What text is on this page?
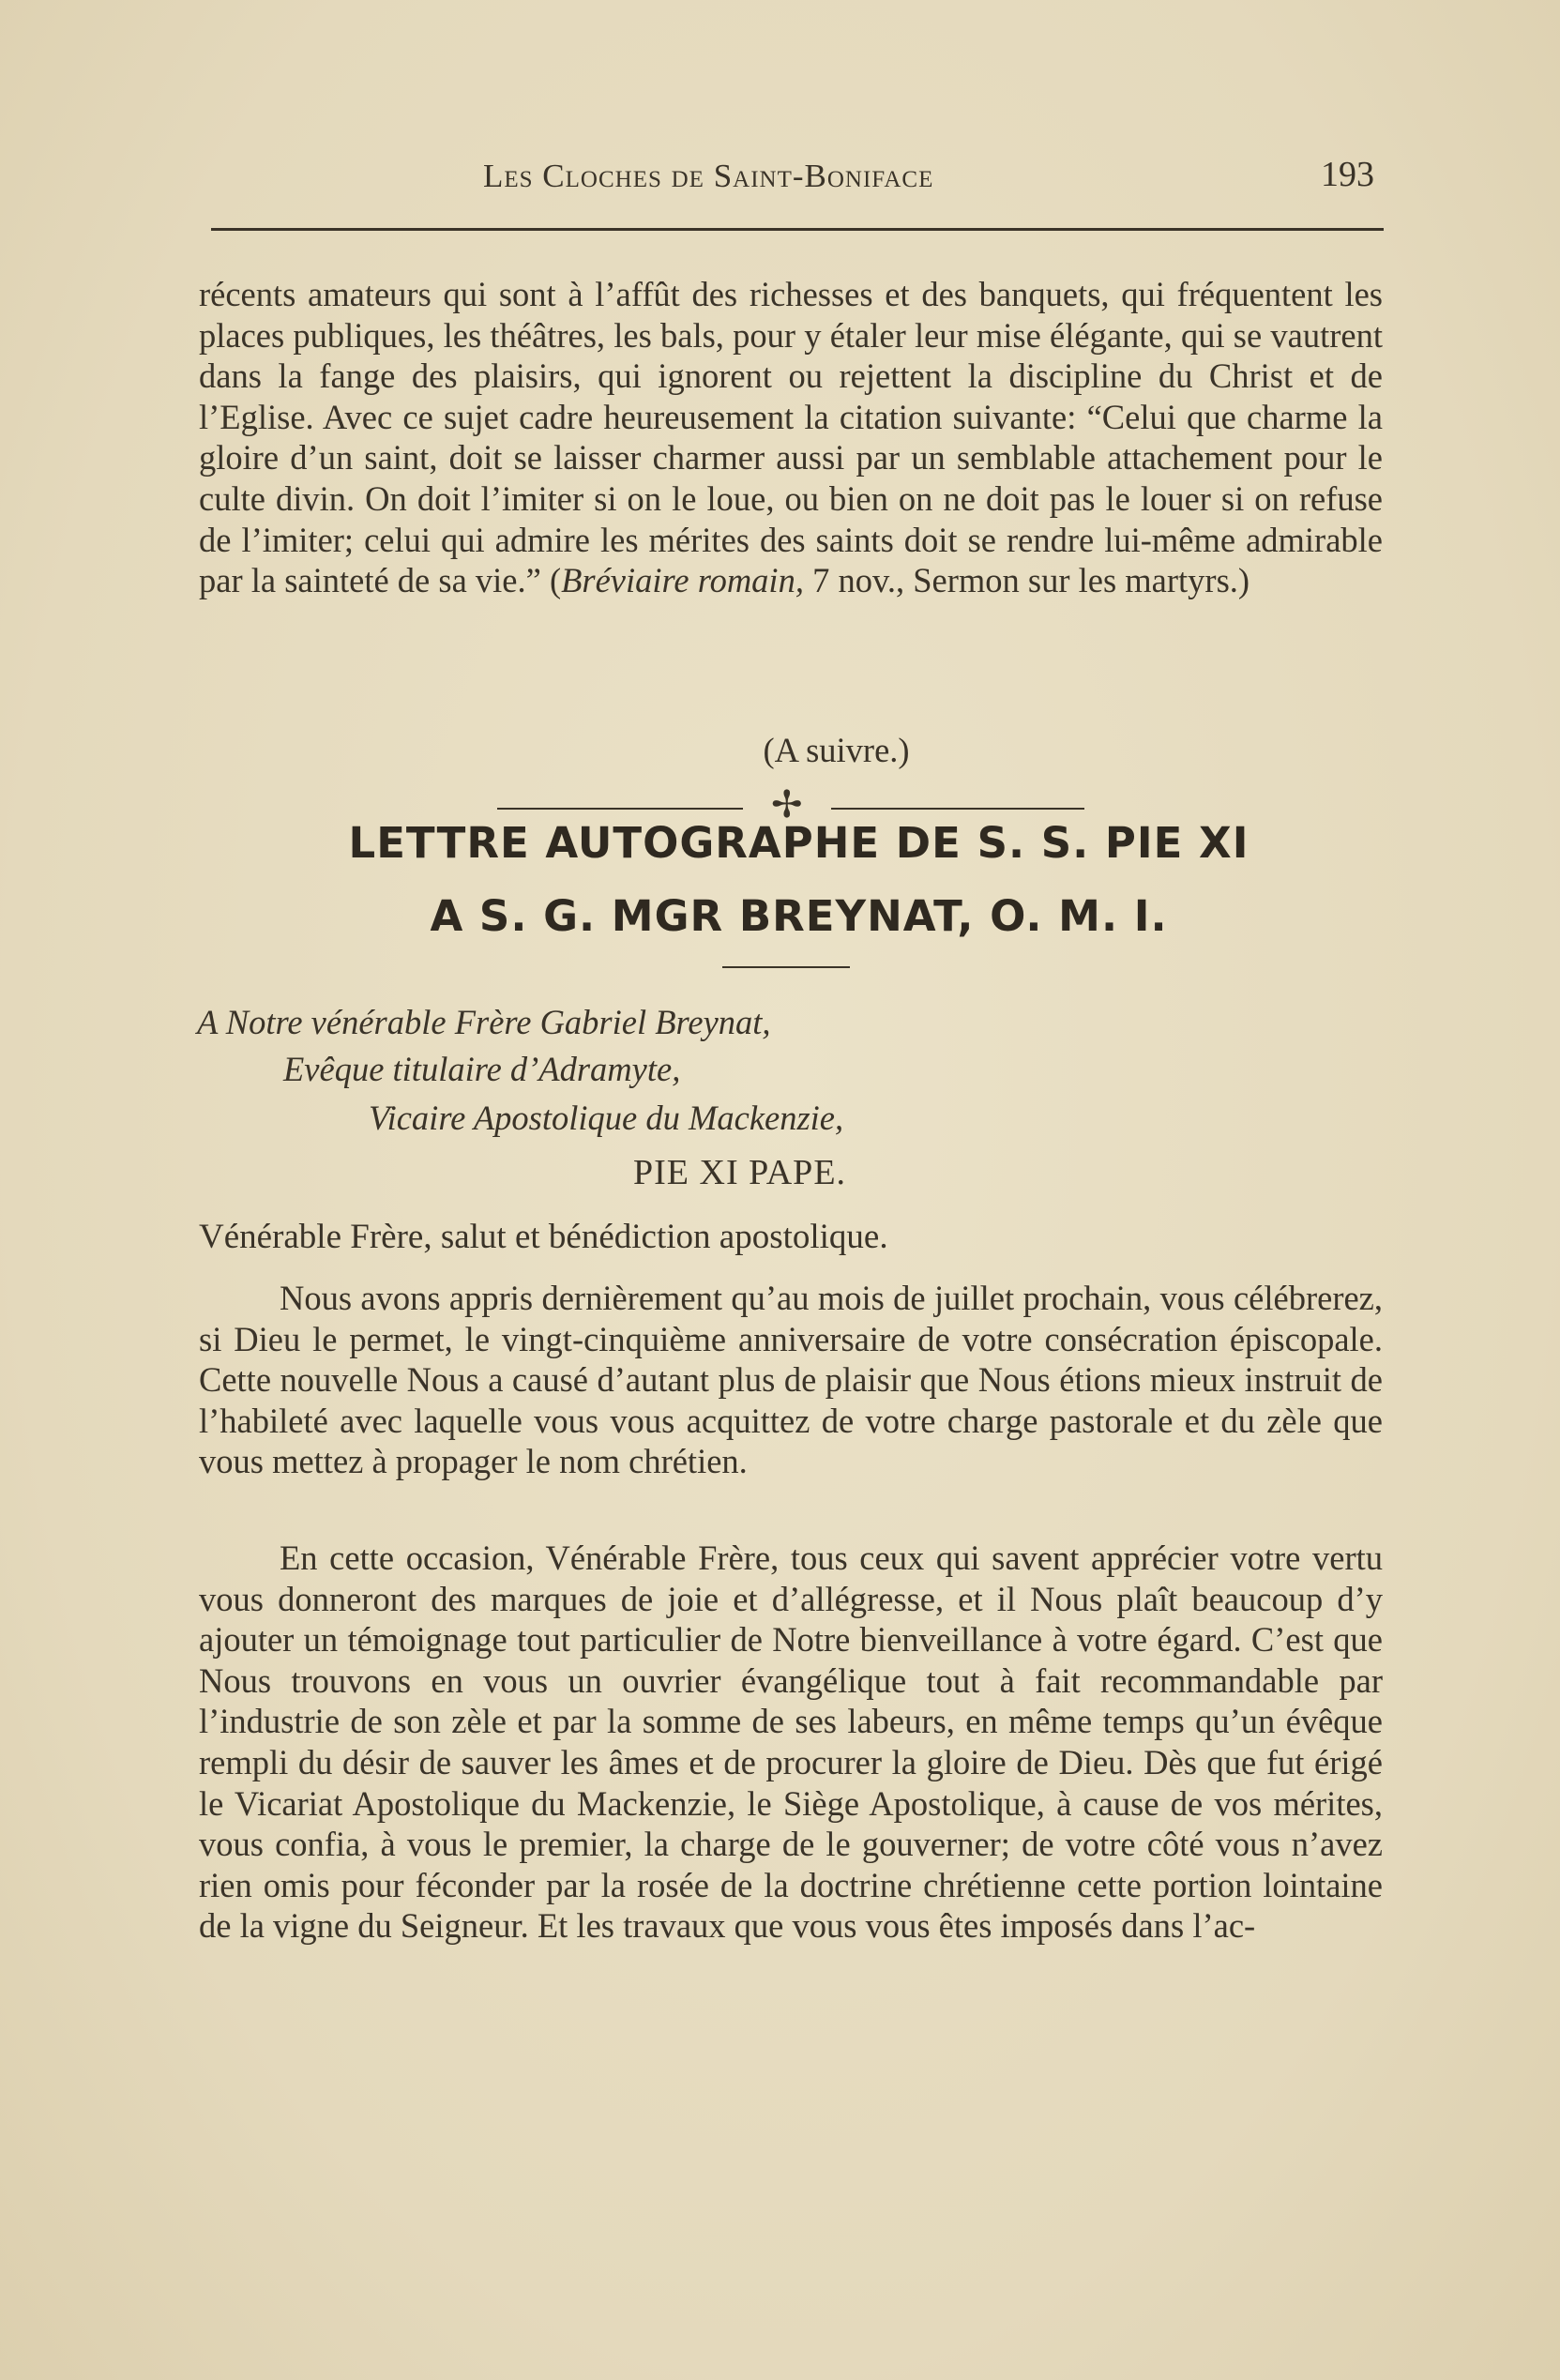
Les Cloches de Saint-Boniface	193

récents amateurs qui sont à l’affût des richesses et des banquets, qui fréquentent les places publiques, les théâtres, les bals, pour y étaler leur mise élégante, qui se vautrent dans la fange des plaisirs, qui ignorent ou rejettent la discipline du Christ et de l’Eglise. Avec ce sujet cadre heureusement la citation suivante: “Celui que charme la gloire d’un saint, doit se laisser charmer aussi par un semblable attachement pour le culte divin. On doit l’imiter si on le loue, ou bien on ne doit pas le louer si on refuse de l’imiter; celui qui admire les mérites des saints doit se rendre lui-même admirable par la sainteté de sa vie.” (Bréviaire romain, 7 nov., Sermon sur les martyrs.)

(A suivre.)
✢
LETTRE AUTOGRAPHE DE S. S. PIE XI
A S. G. MGR BREYNAT, O. M. I.
A Notre vénérable Frère Gabriel Breynat,
Evêque titulaire d’Adramyte,
Vicaire Apostolique du Mackenzie,
PIE XI PAPE.
Vénérable Frère, salut et bénédiction apostolique.

Nous avons appris dernièrement qu’au mois de juillet prochain, vous célébrerez, si Dieu le permet, le vingt-cinquième anniversaire de votre consécration épiscopale. Cette nouvelle Nous a causé d’autant plus de plaisir que Nous étions mieux instruit de l’habileté avec laquelle vous vous acquittez de votre charge pastorale et du zèle que vous mettez à propager le nom chrétien.

En cette occasion, Vénérable Frère, tous ceux qui savent apprécier votre vertu vous donneront des marques de joie et d’allégresse, et il Nous plaît beaucoup d’y ajouter un témoignage tout particulier de Notre bienveillance à votre égard. C’est que Nous trouvons en vous un ouvrier évangélique tout à fait recommandable par l’industrie de son zèle et par la somme de ses labeurs, en même temps qu’un évêque rempli du désir de sauver les âmes et de procurer la gloire de Dieu. Dès que fut érigé le Vicariat Apostolique du Mackenzie, le Siège Apostolique, à cause de vos mérites, vous confia, à vous le premier, la charge de le gouverner; de votre côté vous n’avez rien omis pour féconder par la rosée de la doctrine chrétienne cette portion lointaine de la vigne du Seigneur. Et les travaux que vous vous êtes imposés dans l’ac-
